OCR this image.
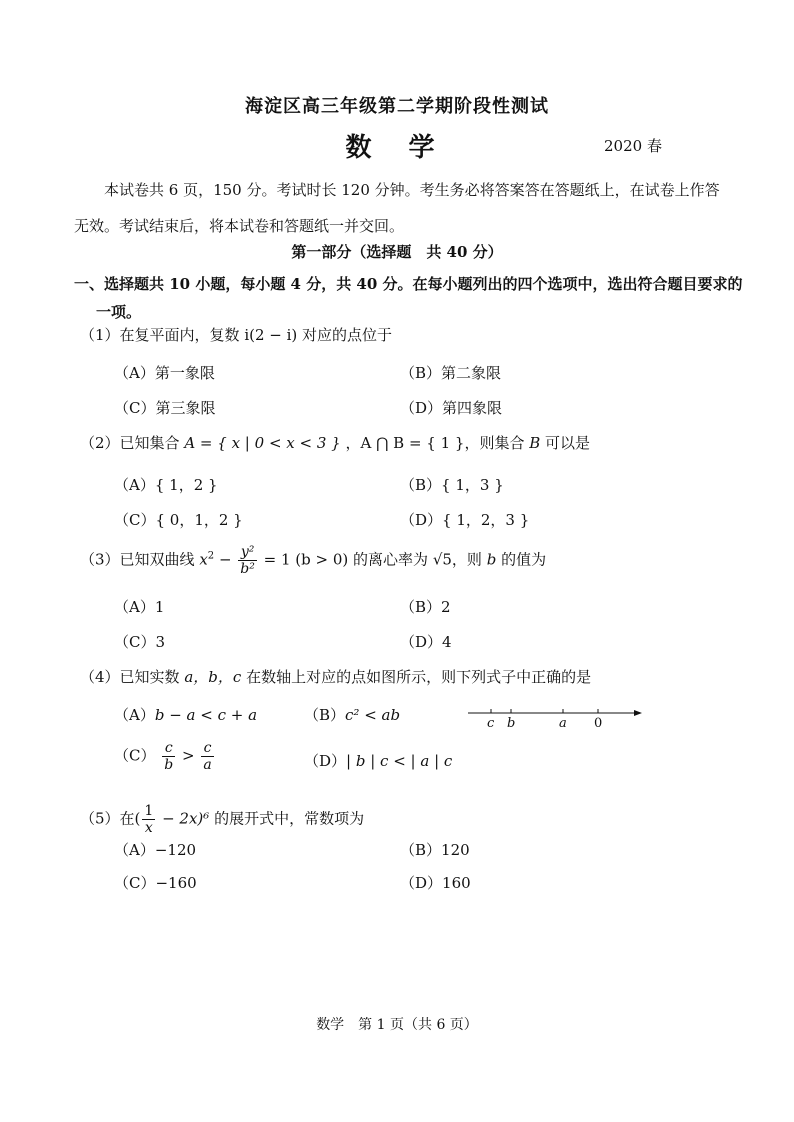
海淀区高三年级第二学期阶段性测试
数 学	2020 春
本试卷共 6 页，150 分。考试时长 120 分钟。考生务必将答案答在答题纸上，在试卷上作答无效。考试结束后，将本试卷和答题纸一并交回。
第一部分（选择题　共 40 分）
一、选择题共 10 小题，每小题 4 分，共 40 分。在每小题列出的四个选项中，选出符合题目要求的一项。
（1）在复平面内，复数 i(2 − i) 对应的点位于
（A）第一象限	（B）第二象限
（C）第三象限	（D）第四象限
（2）已知集合 A = { x | 0 < x < 3 } ，A ⋂ B = { 1 }，则集合 B 可以是
（A）{ 1，2 }	（B）{ 1，3 }
（C）{ 0，1，2 }	（D）{ 1，2，3 }
（3）已知双曲线 $x^2 - \frac{\text{y²}}{\text{b²}} = 1$ (b > 0) 的离心率为 √5，则 b 的值为
（A）1	（B）2
（C）3	（D）4
（4）已知实数 a，b，c 在数轴上对应的点如图所示，则下列式子中正确的是
（A）b − a < c + a	（B）c² < ab
$(C) \frac{c}{b} > \frac{c}{a}$	（D）| b | c < | a | c
c b	a 0
（5）在( $\frac{1}{x} - 2x)^6$ 的展开式中，常数项为
（A）−120	（B）120
（C）−160	（D）160
数学　第 1 页（共 6 页）
